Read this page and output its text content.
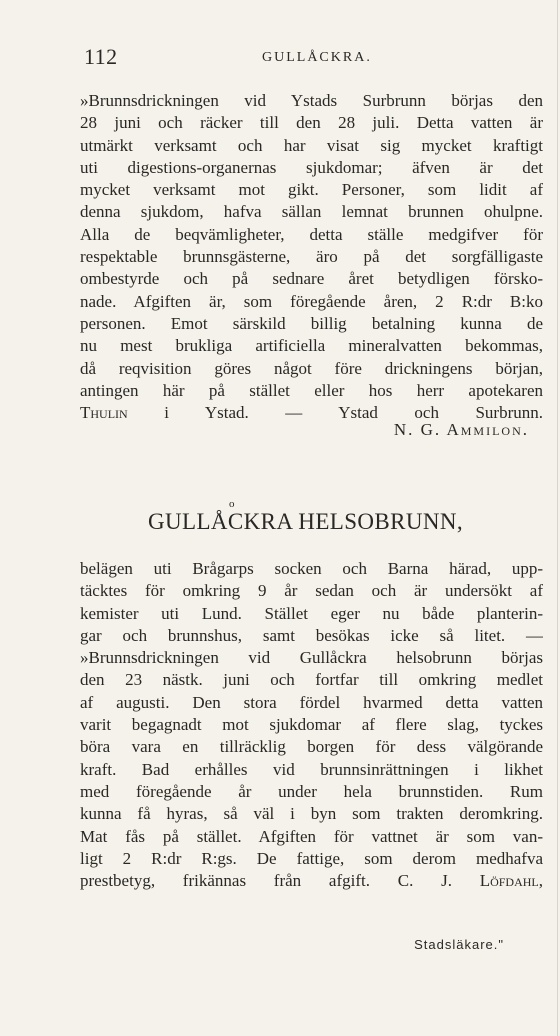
112	GULLÅCKRA.

»Brunnsdrickningen vid Ystads Surbrunn börjas den
28 juni och räcker till den 28 juli. Detta vatten är
utmärkt verksamt och har visat sig mycket kraftigt
uti digestions-organernas sjukdomar; äfven är det
mycket verksamt mot gikt. Personer, som lidit af
denna sjukdom, hafva sällan lemnat brunnen ohulpne.
Alla de beqvämligheter, detta ställe medgifver för
respektable brunnsgästerne, äro på det sorgfälligaste
ombestyrde och på sednare året betydligen försko-
nade. Afgiften är, som föregående åren, 2 R:dr B:ko
personen. Emot särskild billig betalning kunna de
nu mest brukliga artificiella mineralvatten bekommas,
då reqvisition göres något före drickningens början,
antingen här på stället eller hos herr apotekaren
Thulin i Ystad. — Ystad och Surbrunn.

N. G. Ammilon.
o
GULLÅCKRA HELSOBRUNN,

belägen uti Brågarps socken och Barna härad, upp-
täcktes för omkring 9 år sedan och är undersökt af
kemister uti Lund. Stället eger nu både planterin-
gar och brunnshus, samt besökas icke så litet. —
»Brunnsdrickningen vid Gullåckra helsobrunn börjas
den 23 nästk. juni och fortfar till omkring medlet
af augusti. Den stora fördel hvarmed detta vatten
varit begagnadt mot sjukdomar af flere slag, tyckes
böra vara en tillräcklig borgen för dess välgörande
kraft. Bad erhålles vid brunnsinrättningen i likhet
med föregående år under hela brunnstiden. Rum
kunna få hyras, så väl i byn som trakten deromkring.
Mat fås på stället. Afgiften för vattnet är som van-
ligt 2 R:dr R:gs. De fattige, som derom medhafva
prestbetyg, frikännas från afgift. C. J. Löfdahl,

Stadsläkare."
